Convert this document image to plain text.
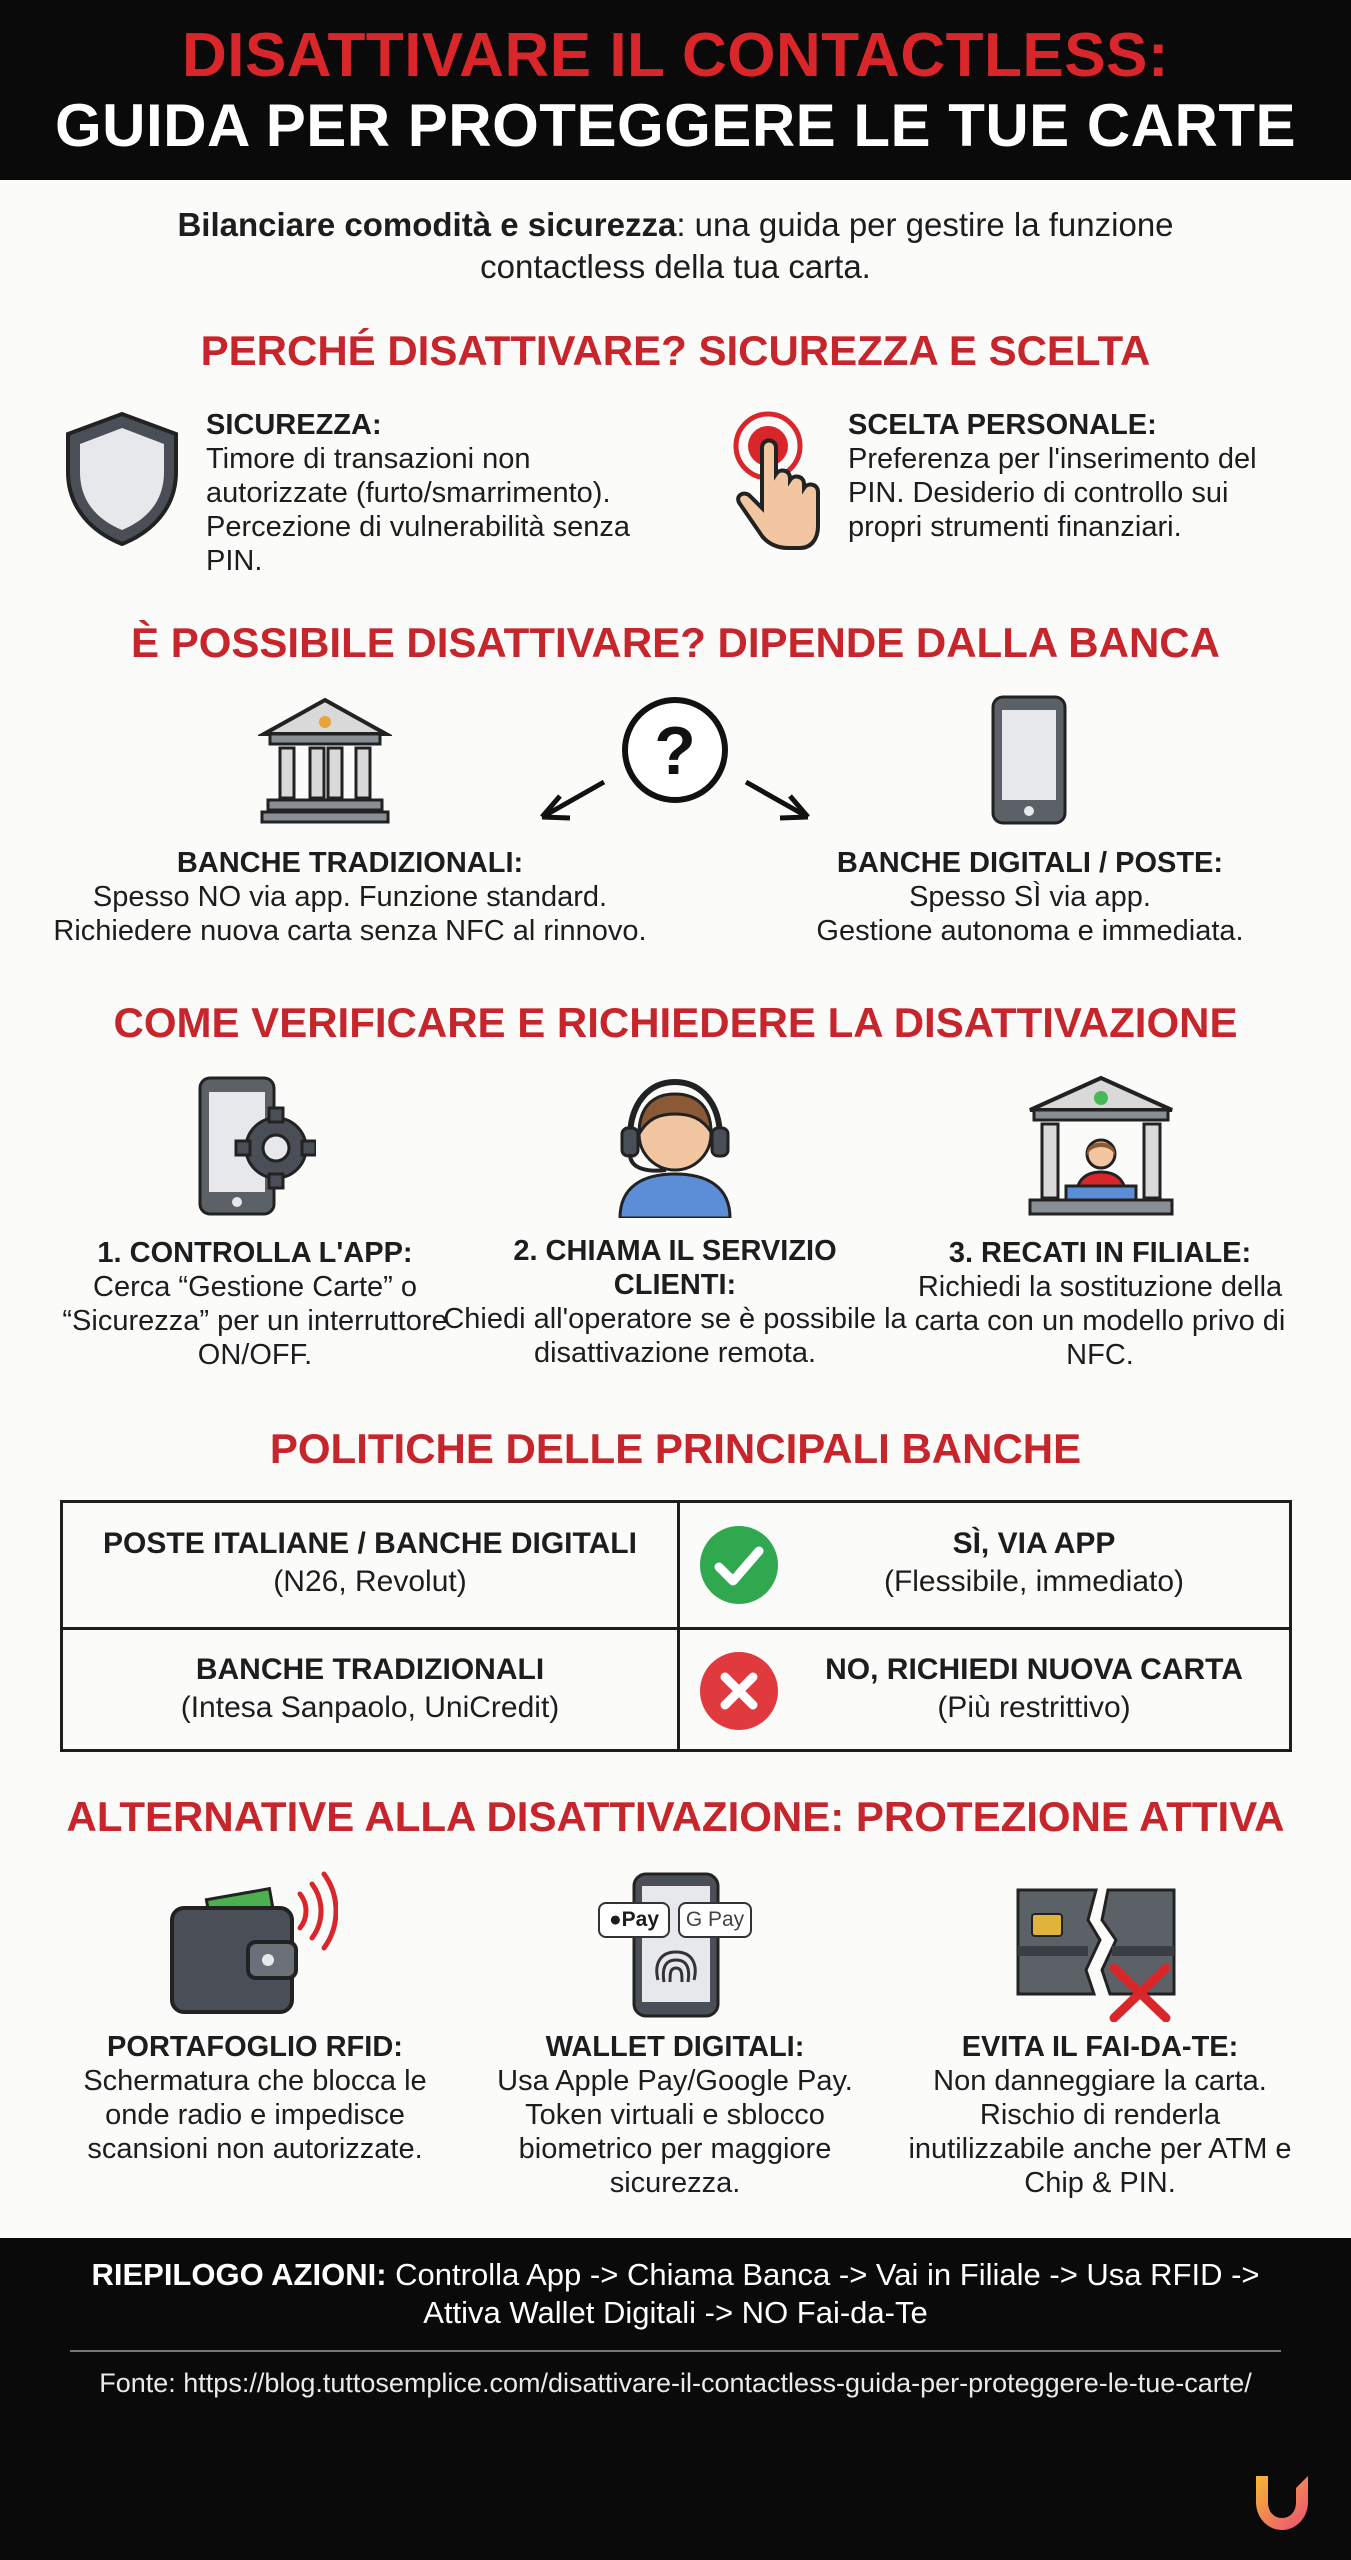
DISATTIVARE IL CONTACTLESS:
GUIDA PER PROTEGGERE LE TUE CARTE
Bilanciare comodità e sicurezza: una guida per gestire la funzione contactless della tua carta.
PERCHÉ DISATTIVARE? SICUREZZA E SCELTA
SICUREZZA:
Timore di transazioni non autorizzate (furto/smarrimento). Percezione di vulnerabilità senza PIN.
SCELTA PERSONALE:
Preferenza per l'inserimento del PIN. Desiderio di controllo sui propri strumenti finanziari.
È POSSIBILE DISATTIVARE? DIPENDE DALLA BANCA
?
BANCHE TRADIZIONALI:
Spesso NO via app. Funzione standard.
Richiedere nuova carta senza NFC al rinnovo.
BANCHE DIGITALI / POSTE:
Spesso SÌ via app.
Gestione autonoma e immediata.
COME VERIFICARE E RICHIEDERE LA DISATTIVAZIONE
1. CONTROLLA L'APP:
Cerca “Gestione Carte” o “Sicurezza” per un interruttore ON/OFF.
2. CHIAMA IL SERVIZIO CLIENTI:
Chiedi all'operatore se è possibile la disattivazione remota.
3. RECATI IN FILIALE:
Richiedi la sostituzione della carta con un modello privo di NFC.
POLITICHE DELLE PRINCIPALI BANCHE
POSTE ITALIANE / BANCHE DIGITALI
(N26, Revolut)
SÌ, VIA APP
(Flessibile, immediato)
BANCHE TRADIZIONALI
(Intesa Sanpaolo, UniCredit)
NO, RICHIEDI NUOVA CARTA
(Più restrittivo)
ALTERNATIVE ALLA DISATTIVAZIONE: PROTEZIONE ATTIVA
●Pay	G Pay
PORTAFOGLIO RFID:
Schermatura che blocca le onde radio e impedisce scansioni non autorizzate.
WALLET DIGITALI:
Usa Apple Pay/Google Pay. Token virtuali e sblocco biometrico per maggiore sicurezza.
EVITA IL FAI-DA-TE:
Non danneggiare la carta. Rischio di renderla inutilizzabile anche per ATM e Chip & PIN.
RIEPILOGO AZIONI: Controlla App -> Chiama Banca -> Vai in Filiale -> Usa RFID -> Attiva Wallet Digitali -> NO Fai-da-Te
Fonte: https://blog.tuttosemplice.com/disattivare-il-contactless-guida-per-proteggere-le-tue-carte/
